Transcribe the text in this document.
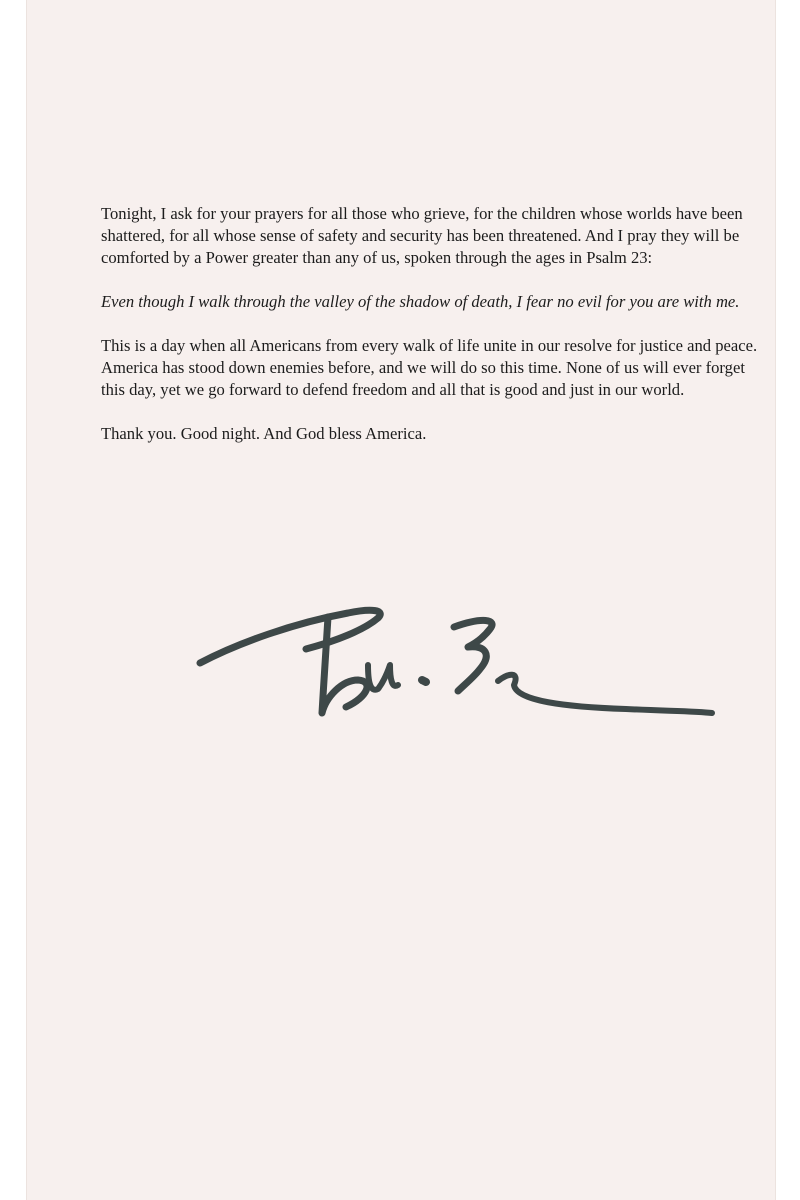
Tonight, I ask for your prayers for all those who grieve, for the children whose worlds have been shattered, for all whose sense of safety and security has been threatened. And I pray they will be comforted by a Power greater than any of us, spoken through the ages in Psalm 23:

Even though I walk through the valley of the shadow of death, I fear no evil for you are with me.

This is a day when all Americans from every walk of life unite in our resolve for justice and peace. America has stood down enemies before, and we will do so this time. None of us will ever forget this day, yet we go forward to defend freedom and all that is good and just in our world.

Thank you. Good night. And God bless America.
